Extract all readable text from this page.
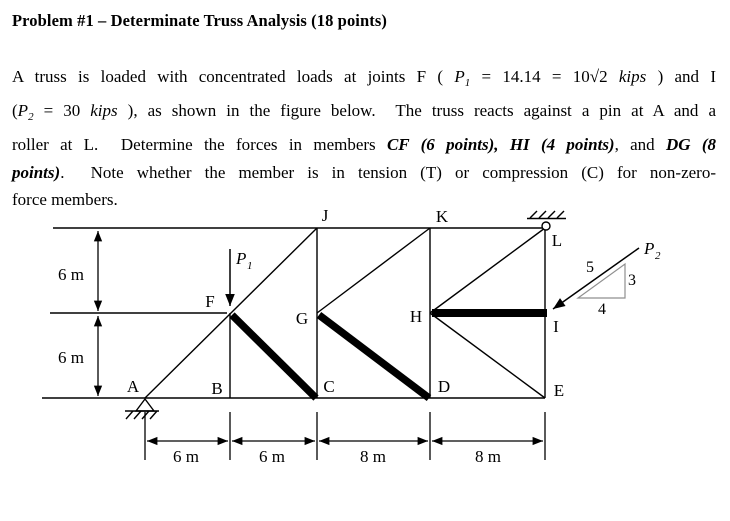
Problem #1 – Determinate Truss Analysis (18 points)
A truss is loaded with concentrated loads at joints F ( $P_1 = 14.14 = 10√2$ kips ) and I
($P_2 = 30$ kips ), as shown in the figure below.  The truss reacts against a pin at A and a
roller at L.  Determine the forces in members CF (6 points), HI (4 points), and DG (8
points).  Note whether the member is in tension (T) or compression (C) for non-zero-
force members.
A	B	C	D	E
F
G	H
I
J	K
L
6 m
6 m
6 m	6 m	8 m	8 m
P 1
P 2
5
3
4
